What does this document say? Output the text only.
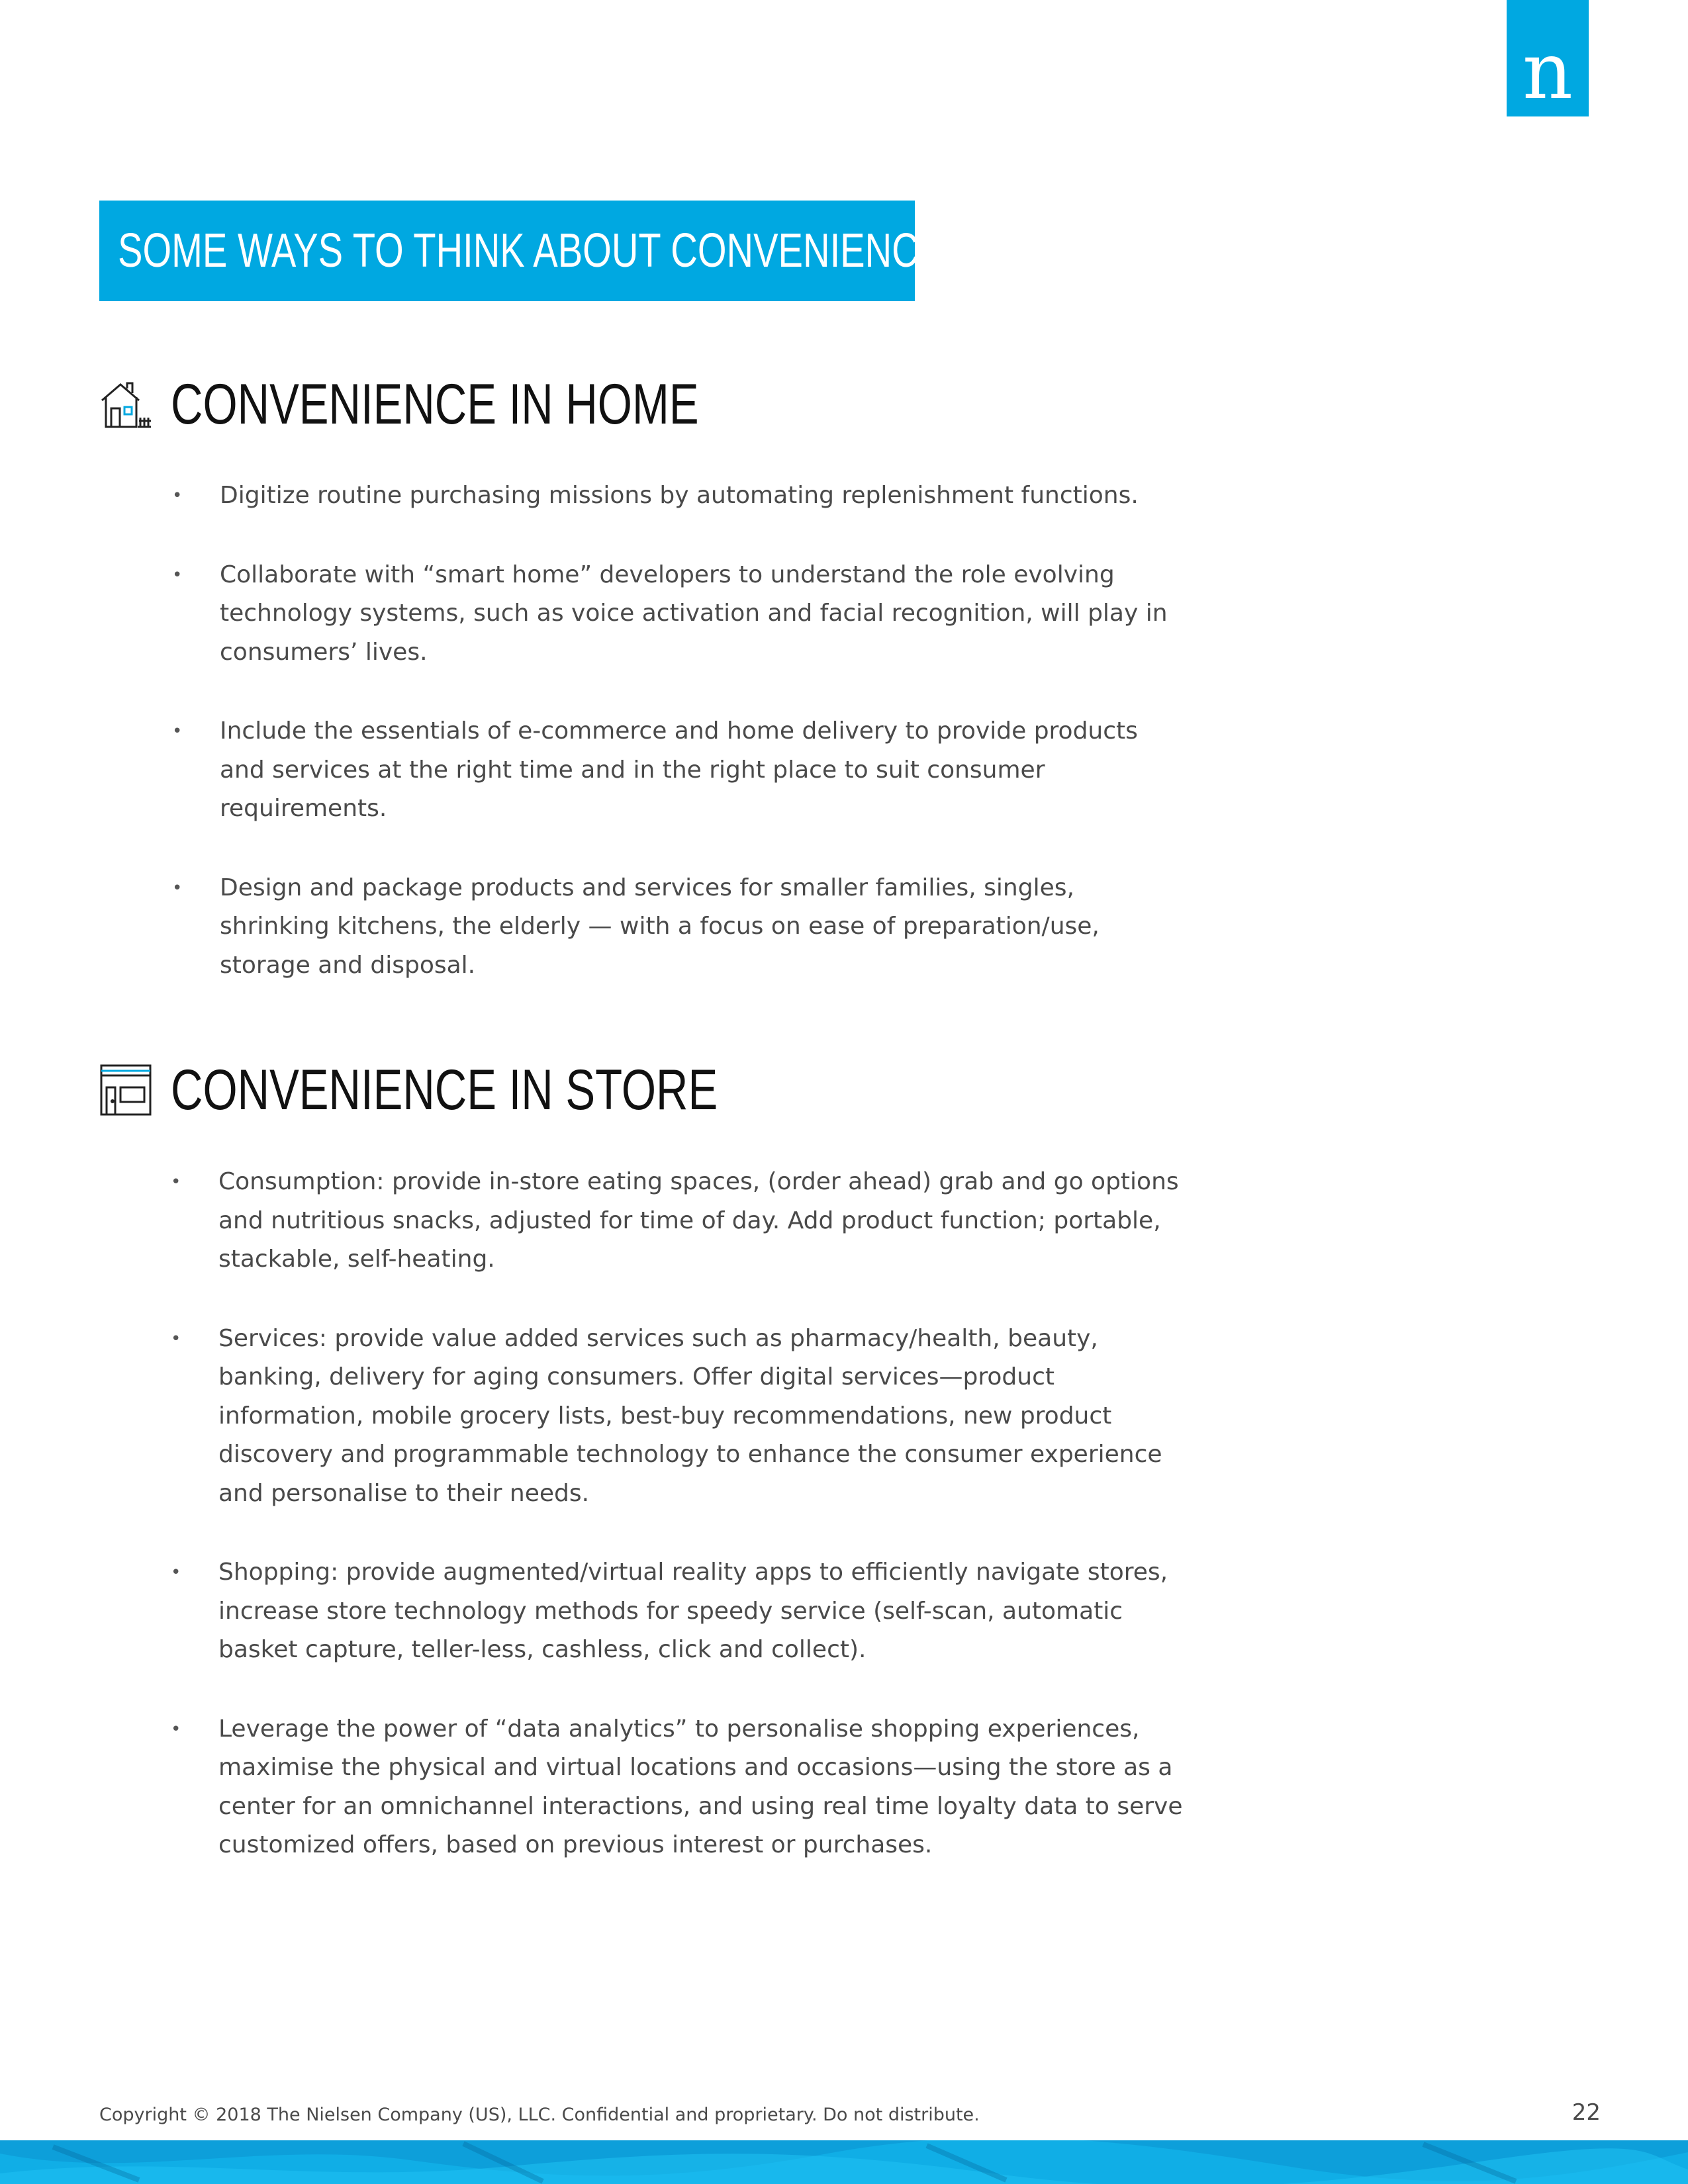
n
SOME WAYS TO THINK ABOUT CONVENIENCE:
CONVENIENCE IN HOME
• Digitize routine purchasing missions by automating replenishment functions.
• Collaborate with “smart home” developers to understand the role evolving technology systems, such as voice activation and facial recognition, will play in consumers’ lives.
• Include the essentials of e-commerce and home delivery to provide products and services at the right time and in the right place to suit consumer requirements.
• Design and package products and services for smaller families, singles, shrinking kitchens, the elderly — with a focus on ease of preparation/use, storage and disposal.
CONVENIENCE IN STORE
• Consumption: provide in-store eating spaces, (order ahead) grab and go options and nutritious snacks, adjusted for time of day. Add product function; portable, stackable, self-heating.
• Services: provide value added services such as pharmacy/health, beauty, banking, delivery for aging consumers. Offer digital services—product information, mobile grocery lists, best-buy recommendations, new product discovery and programmable technology to enhance the consumer experience and personalise to their needs.
• Shopping: provide augmented/virtual reality apps to efficiently navigate stores, increase store technology methods for speedy service (self-scan, automatic basket capture, teller-less, cashless, click and collect).
• Leverage the power of “data analytics” to personalise shopping experiences, maximise the physical and virtual locations and occasions—using the store as a center for an omnichannel interactions, and using real time loyalty data to serve customized offers, based on previous interest or purchases.
Copyright © 2018 The Nielsen Company (US), LLC. Confidential and proprietary. Do not distribute.	22
